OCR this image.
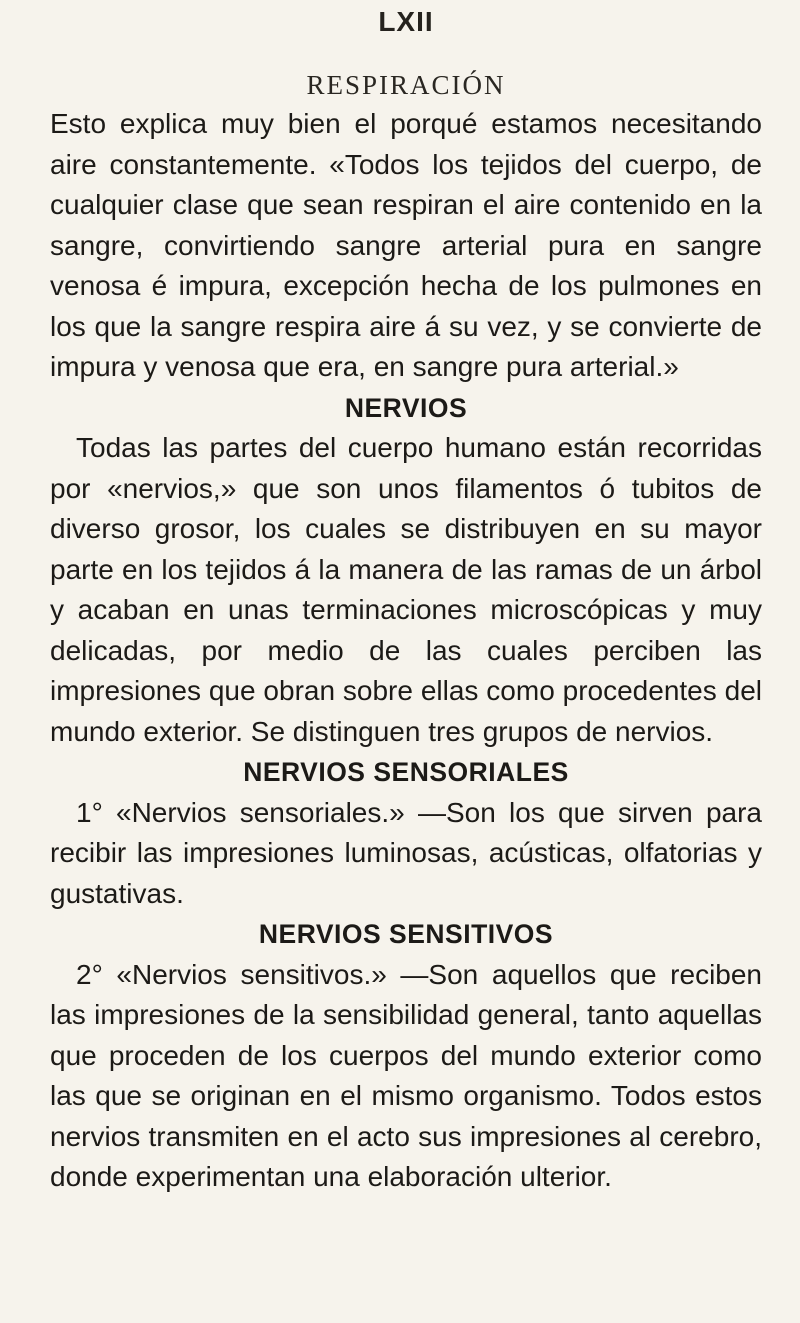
LXII
RESPIRACIÓN

Esto explica muy bien el porqué estamos necesitando aire constantemente. «Todos los tejidos del cuerpo, de cualquier clase que sean respiran el aire contenido en la sangre, convirtiendo sangre arterial pura en sangre venosa é impura, excepción hecha de los pulmones en los que la sangre respira aire á su vez, y se convierte de impura y venosa que era, en sangre pura arterial.»

NERVIOS

Todas las partes del cuerpo humano están recorridas por «nervios,» que son unos filamentos ó tubitos de diverso grosor, los cuales se distribuyen en su mayor parte en los tejidos á la manera de las ramas de un árbol y acaban en unas terminaciones microscópicas y muy delicadas, por medio de las cuales perciben las impresiones que obran sobre ellas como procedentes del mundo exterior. Se distinguen tres grupos de nervios.

NERVIOS SENSORIALES

1° «Nervios sensoriales.» —Son los que sirven para recibir las impresiones luminosas, acústicas, olfatorias y gustativas.

NERVIOS SENSITIVOS

2° «Nervios sensitivos.» —Son aquellos que reciben las impresiones de la sensibilidad general, tanto aquellas que proceden de los cuerpos del mundo exterior como las que se originan en el mismo organismo. Todos estos nervios transmiten en el acto sus impresiones al cerebro, donde experimentan una elaboración ulterior.
